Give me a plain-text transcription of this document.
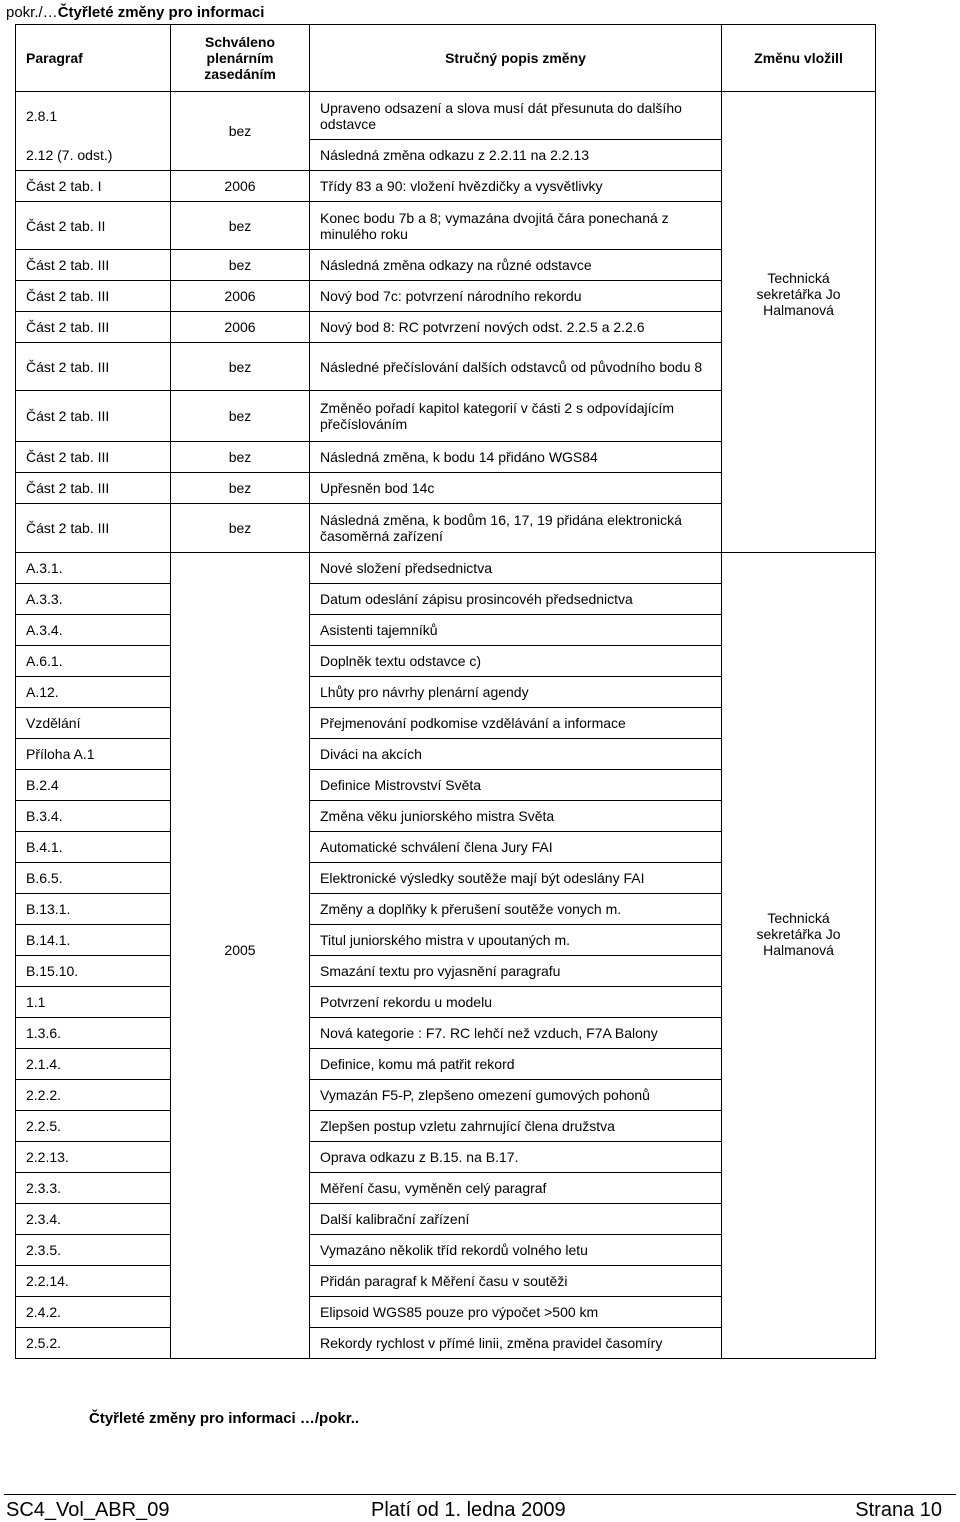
pokr./…Čtyřleté změny pro informaci
Paragraf	Schváleno plenárním zasedáním	Stručný popis změny	Změnu vložill
2.8.1	bez	Upraveno odsazení a slova musí dát přesunuta do dalšího odstavce	Technická sekretářka Jo Halmanová

2.12 (7. odst.)		Následná změna odkazu z 2.2.11 na 2.2.13	
Část 2 tab. I	2006	Třídy 83 a 90: vložení hvězdičky a vysvětlivky	
Část 2 tab. II	bez	Konec bodu 7b a 8; vymazána dvojitá čára ponechaná z minulého roku	
Část 2 tab. III	bez	Následná změna odkazy na různé odstavce	
Část 2 tab. III	2006	Nový bod 7c: potvrzení národního rekordu	
Část 2 tab. III	2006	Nový bod 8: RC potvrzení nových odst. 2.2.5 a 2.2.6	
Část 2 tab. III	bez	Následné přečíslování dalších odstavců od původního bodu 8	
Část 2 tab. III	bez	Změněo pořadí kapitol kategorií v části 2 s odpovídajícím přečíslováním	
Část 2 tab. III	bez	Následná změna, k bodu 14 přidáno WGS84	
Část 2 tab. III	bez	Upřesněn bod 14c	
Část 2 tab. III	bez	Následná změna, k bodům 16, 17, 19 přidána elektronická časoměrná zařízení	
A.3.1.	2005	Nové složení předsednictva	Technická sekretářka Jo Halmanová

A.3.3.		Datum odeslání zápisu prosincovéh předsednictva	
A.3.4.		Asistenti tajemníků	
A.6.1.		Doplněk textu odstavce c)	
A.12.		Lhůty pro návrhy plenární agendy	
Vzdělání		Přejmenování podkomise vzdělávání a informace	
Příloha A.1		Diváci na akcích	
B.2.4		Definice Mistrovství Světa	
B.3.4.		Změna věku juniorského mistra Světa	
B.4.1.		Automatické schválení člena Jury FAI	
B.6.5.		Elektronické výsledky soutěže mají být odeslány FAI	
B.13.1.		Změny a doplňky k přerušení soutěže vonych m.	
B.14.1.		Titul juniorského mistra v upoutaných m.	
B.15.10.		Smazání textu pro vyjasnění paragrafu	
1.1		Potvrzení rekordu u modelu	
1.3.6.		Nová kategorie : F7. RC lehčí než vzduch, F7A Balony	
2.1.4.		Definice, komu má patřit rekord	
2.2.2.		Vymazán F5-P, zlepšeno omezení gumových pohonů	
2.2.5.		Zlepšen postup vzletu zahrnující člena družstva	
2.2.13.		Oprava odkazu z B.15. na B.17.	
2.3.3.		Měření času, vyměněn celý paragraf	
2.3.4.		Další kalibrační zařízení	
2.3.5.		Vymazáno několik tříd rekordů volného letu	
2.2.14.		Přidán paragraf k Měření času v soutěži	
2.4.2.		Elipsoid WGS85 pouze pro výpočet >500 km	
2.5.2.		Rekordy rychlost v přímé linii, změna pravidel časomíry	
Čtyřleté změny pro informaci …/pokr..
SC4_Vol_ABR_09	Platí od 1. ledna 2009	Strana 10
